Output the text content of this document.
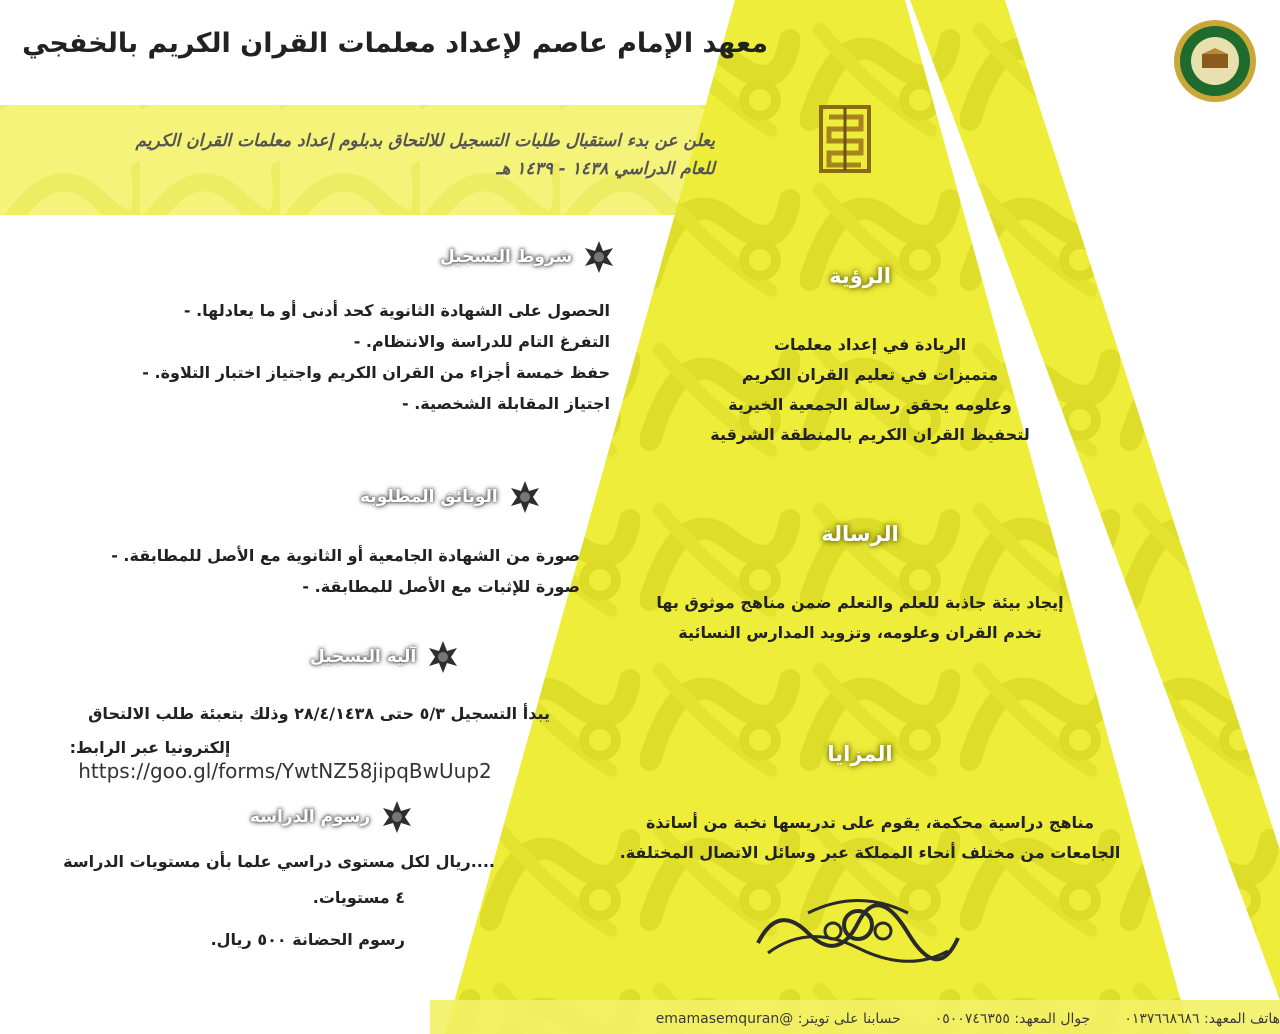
معهد الإمام عاصم لإعداد معلمات القران الكريم بالخفجي
يعلن عن بدء استقبال طلبات التسجيل للالتحاق بدبلوم إعداد معلمات القران الكريم للعام الدراسي ١٤٣٨ - ١٤٣٩ هـ
شروط التسجيل
الحصول على الشهادة الثانوية كحد أدنى أو ما يعادلها. -
التفرغ التام للدراسة والانتظام. -
حفظ خمسة أجزاء من القران الكريم واجتياز اختبار التلاوة. -
اجتياز المقابلة الشخصية. -
الوثائق المطلوبة
صورة من الشهادة الجامعية أو الثانوية مع الأصل للمطابقة. -
صورة للإثبات مع الأصل للمطابقة. -
آلية التسجيل
يبدأ التسجيل ٥/٣ حتى ٢٨/٤/١٤٣٨ وذلك بتعبئة طلب الالتحاق
إلكترونيا عبر الرابط:
https://goo.gl/forms/YwtNZ58jipqBwUup2
رسوم الدراسة
....ريال لكل مستوى دراسي علما بأن مستويات الدراسة
٤ مستويات.
رسوم الحضانة ٥٠٠ ريال.
الرؤية
الريادة في إعداد معلمات
متميزات في تعليم القران الكريم
وعلومه يحقق رسالة الجمعية الخيرية
لتحفيظ القران الكريم بالمنطقة الشرقية
الرسالة
إيجاد بيئة جاذبة للعلم والتعلم ضمن مناهج موثوق بها
تخدم القران وعلومه، وتزويد المدارس النسائية
المزايا
مناهج دراسية محكمة، يقوم على تدريسها نخبة من أساتذة
الجامعات من مختلف أنحاء المملكة عبر وسائل الاتصال المختلفة.
هاتف المعهد: ٠١٣٧٦٦٨٦٨٦
جوال المعهد: ٠٥٠٠٧٤٦٣٥٥
حسابنا على تويتر: @emamasemquran
